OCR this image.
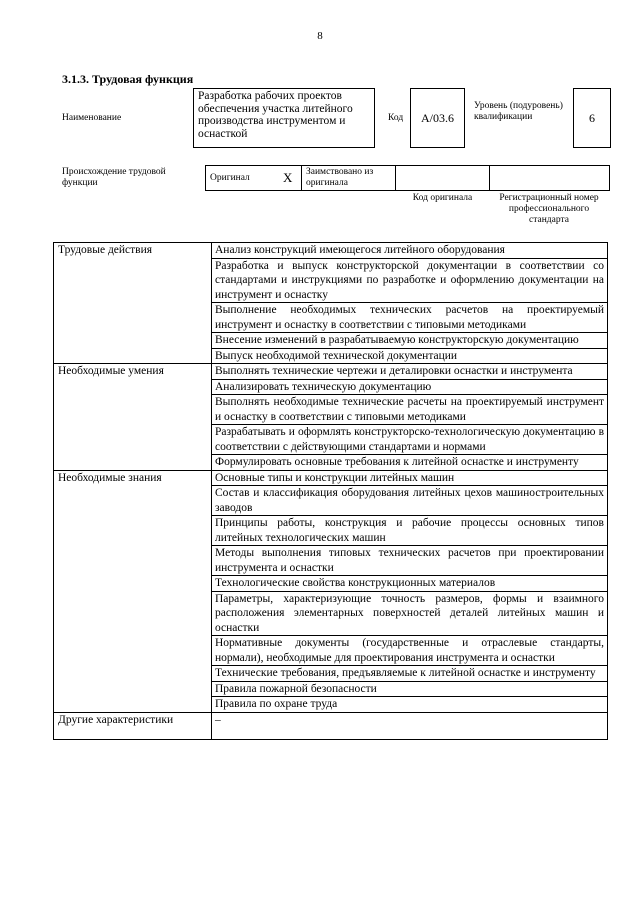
8
3.1.3. Трудовая функция
Наименование
Разработка рабочих проектов обеспечения участка литейного производства инструментом и оснасткой
Код	A/03.6
Уровень (подуровень) квалификации	6
Происхождение трудовой функции
Оригинал	X	Заимствовано из оригинала		
Код оригинала	Регистрационный номер профессионального стандарта
Трудовые действия	Анализ конструкций имеющегося литейного оборудования
	Разработка и выпуск конструкторской документации в соответствии со стандартами и инструкциями по разработке и оформлению документации на инструмент и оснастку
	Выполнение необходимых технических расчетов на проектируемый инструмент и оснастку в соответствии с типовыми методиками
	Внесение изменений в разрабатываемую конструкторскую документацию
	Выпуск необходимой технической документации
Необходимые умения	Выполнять технические чертежи и деталировки оснастки и инструмента
	Анализировать техническую документацию
	Выполнять необходимые технические расчеты на проектируемый инструмент и оснастку в соответствии с типовыми методиками
	Разрабатывать и оформлять конструкторско-технологическую документацию в соответствии с действующими стандартами и нормами
	Формулировать основные требования к литейной оснастке и инструменту
Необходимые знания	Основные типы и конструкции литейных машин
	Состав и классификация оборудования литейных цехов машиностроительных заводов
	Принципы работы, конструкция и рабочие процессы основных типов литейных технологических машин
	Методы выполнения типовых технических расчетов при проектировании инструмента и оснастки
	Технологические свойства конструкционных материалов
	Параметры, характеризующие точность размеров, формы и взаимного расположения элементарных поверхностей деталей литейных машин и оснастки
	Нормативные документы (государственные и отраслевые стандарты, нормали), необходимые для проектирования инструмента и оснастки
	Технические требования, предъявляемые к литейной оснастке и инструменту
	Правила пожарной безопасности
	Правила по охране труда
Другие характеристики	–
